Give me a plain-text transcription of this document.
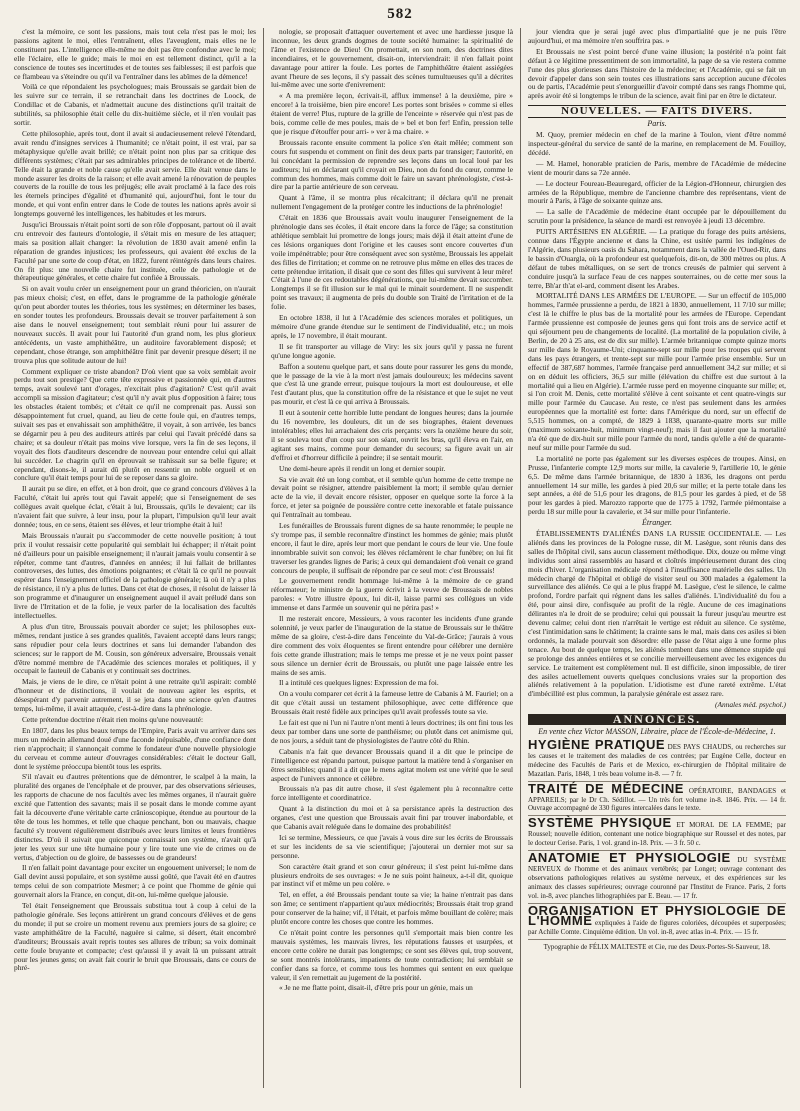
582

c'est la mémoire, ce sont les passions, mais tout cela n'est pas le moi; les passions agitent le moi, elles l'entraînent, elles l'aveuglent, mais elles ne le constituent pas. L'intelligence elle-même ne doit pas être confondue avec le moi; elle l'éclaire, elle le guide; mais le moi en est tellement distinct, qu'il a la conscience de toutes ses incertitudes et de toutes ses faiblesses; il est parfois que ce flambeau va s'éteindre ou qu'il va l'entraîner dans les abîmes de la démence!

Voilà ce que répondaient les psychologues; mais Broussais se gardait bien de les suivre sur ce terrain, il se retranchait dans les doctrines de Loock, de Condillac et de Cabanis, et n'admettait aucune des distinctions qu'il traitait de subtilités, sa philosophie était celle du dix-huitième siècle, et il n'en voulait pas sortir.

Cette philosophie, après tout, dont il avait si audacieusement relevé l'étendard, avait rendu d'insignes services à l'humanité; ce n'était point, il est vrai, par sa métaphysique qu'elle avait brillé; ce n'était point non plus par sa critique des différents systèmes; c'était par ses admirables principes de tolérance et de liberté. Telle était la grande et noble cause qu'elle avait servie. Elle était venue dans le monde assurer les droits de la raison; et elle avait amené la rénovation de peuples couverts de la rouille de tous les préjugés; elle avait proclamé à la face des rois les éternels principes d'égalité et d'humanité qui, aujourd'hui, font le tour du monde, et qui vont enfin entrer dans le Code de toutes les nations après avoir si longtemps gouverné les intelligences, les habitudes et les mœurs.

Jusqu'ici Broussais n'était point sorti de son rôle d'opposant, partout où il avait cru entrevoir des fauteurs d'ontologie, il s'était mis en mesure de les attaquer; mais sa position allait changer: la révolution de 1830 avait amené enfin la réparation de grandes injustices; les professeurs, qui avaient été exclus de la Faculté par une sorte de coup d'état, en 1822, furent réintégrés dans leurs chaires. On fit plus: une nouvelle chaire fut instituée, celle de pathologie et de thérapeutique générales, et cette chaire fut confiée à Broussais.

Si on avait voulu créer un enseignement pour un grand théoricien, on n'aurait pas mieux choisi; c'est, en effet, dans le programme de la pathologie générale qu'on peut aborder toutes les théories, tous les systèmes; en déterminer les bases, en sonder toutes les profondeurs. Broussais devait se trouver parfaitement à son aise dans le nouvel enseignement; tout semblait réuni pour lui assurer de nouveaux succès. Il avait pour lui l'autorité d'un grand nom, les plus glorieux antécédents, un vaste amphithéâtre, un auditoire favorablement disposé; et cependant, chose étrange, son amphithéâtre finit par devenir presque désert; il ne trouva plus que solitude autour de lui!

Comment expliquer ce triste abandon? D'où vient que sa voix semblait avoir perdu tout son prestige? Que cette tête expressive et passionnée qui, en d'autres temps, avait soulevé tant d'orages, n'excitait plus d'agitation? C'est qu'il avait accompli sa mission d'agitateur; c'est qu'il n'y avait plus d'opposition à faire; tous les obstacles étaient tombés; et c'était ce qu'il ne comprenait pas. Aussi son désappointement fut cruel, quand, au lieu de cette foule qui, en d'autres temps, suivait ses pas et envahissait son amphithéâtre, il voyait, à son arrivée, les bancs se dégarnir peu à peu des auditeurs attirés par celui qui l'avait précédé dans sa chaire; et sa douleur n'était pas moins vive lorsque, vers la fin de ses leçons, il voyait des flots d'auditeurs descendre de nouveau pour entendre celui qui allait lui succéder. Le chagrin qu'il en éprouvait se trahissait sur sa belle figure; et cependant, disons-le, il aurait dû plutôt en ressentir un noble orgueil et en conclure qu'il était temps pour lui de se reposer dans sa gloire.

Il aurait pu se dire, en effet, et à bon droit, que ce grand concours d'élèves à la Faculté, c'était lui après tout qui l'avait appelé; que si l'enseignement de ses collègues avait quelque éclat, c'était à lui, Broussais, qu'ils le devaient; car ils n'avaient fait que suivre, à leur insu, pour la plupart, l'impulsion qu'il leur avait donnée; tous, en ce sens, étaient ses élèves, et leur triomphe était à lui!

Mais Broussais n'aurait pu s'accommoder de cette nouvelle position; à tout prix il voulut ressaisir cette popularité qui semblait lui échapper; il n'était point né d'ailleurs pour un paisible enseignement; il n'aurait jamais voulu consentir à se répéter, comme tant d'autres, d'années en années; il lui fallait de brillantes controverses, des luttes, des émotions poignantes; et c'était là ce qu'il ne pouvait espérer dans l'enseignement officiel de la pathologie générale; là où il n'y a plus de résistance, il n'y a plus de luttes. Dans cet état de choses, il résolut de laisser là son programme et d'inaugurer un enseignement auquel il avait préludé dans son livre de l'Irritation et de la folie, je veux parler de la localisation des facultés intellectuelles.

A plus d'un titre, Broussais pouvait aborder ce sujet; les philosophes eux-mêmes, rendant justice à ses grandes qualités, l'avaient accepté dans leurs rangs; sans répudier pour cela leurs doctrines et sans lui demander l'abandon des sciences; sur le rapport de M. Cousin, son généreux adversaire, Broussais venait d'être nommé membre de l'Académie des sciences morales et politiques, il y occupait le fauteuil de Cabanis et y continuait ses doctrines.

Mais, je viens de le dire, ce n'était point à une retraite qu'il aspirait: comblé d'honneur et de distinctions, il voulait de nouveau agiter les esprits, et désespérant d'y parvenir autrement, il se jeta dans une science qu'en d'autres temps, lui-même, il avait attaquée, c'est-à-dire dans la phrénologie.

Cette prétendue doctrine n'était rien moins qu'une nouveauté:

En 1807, dans les plus beaux temps de l'Empire, Paris avait vu arriver dans ses murs un médecin allemand doué d'une faconde inépuisable, d'une confiance dont rien n'approchait; il s'annonçait comme le fondateur d'une nouvelle physiologie du cerveau et comme auteur d'ouvrages considérables: c'était le docteur Gall, dont le système préoccupa bientôt tous les esprits.

S'il n'avait eu d'autres prétentions que de démontrer, le scalpel à la main, la pluralité des organes de l'encéphale et de prouver, par des observations sérieuses, les rapports de chacune de nos facultés avec les mêmes organes, il n'aurait guère excité que l'attention des savants; mais il se posait dans le monde comme ayant fait la découverte d'une véritable carte crânioscopique, étendue au pourtour de la tête de tous les hommes, et telle que chaque penchant, bon ou mauvais, chaque faculté s'y trouvent régulièrement distribués avec leurs limites et leurs frontières distinctes. D'où il suivait que quiconque connaissait son système, n'avait qu'à jeter les yeux sur une tête humaine pour y lire toute une vie de crimes ou de vertus, d'abjection ou de gloire, de bassesses ou de grandeurs!

Il n'en fallait point davantage pour exciter un engouement universel; le nom de Gall devint aussi populaire, et son système aussi goûté, que l'avait été en d'autres temps celui de son compatriote Mesmer; à ce point que l'homme de génie qui gouvernait alors la France, en conçut, dit-on, lui-même quelque jalousie.

Tel était l'enseignement que Broussais substitua tout à coup à celui de la pathologie générale. Ses leçons attirèrent un grand concours d'élèves et de gens du monde; il put se croire un moment revenu aux premiers jours de sa gloire; ce vaste amphithéâtre de la Faculté, naguère si calme, si désert, était encombré d'auditeurs; Broussais avait repris toutes ses allures de tribun; sa voix dominait cette foule bruyante et compacte; c'est qu'aussi il y avait là un puissant attrait pour les jeunes gens; on avait fait courir le bruit que Broussais, dans ce cours de phré-

nologie, se proposait d'attaquer ouvertement et avec une hardiesse jusque là inconnue, les deux grands dogmes de toute société humaine: la spiritualité de l'âme et l'existence de Dieu! On promettait, en son nom, des doctrines dites incendiaires, et le gouvernement, disait-on, interviendrait: il n'en fallait point davantage pour attirer la foule. Les portes de l'amphithéâtre étaient assiégées avant l'heure de ses leçons, il s'y passait des scènes tumultueuses qu'il a décrites lui-même avec une sorte d'enivrement:

« A ma première leçon, écrivait-il, afflux immense! à la deuxième, pire » encore! à la troisième, bien pire encore! Les portes sont brisées » comme si elles étaient de verre! Plus, rupture de la grille de l'enceinte » réservée qui n'est pas de bois, comme celle de mes poules, mais de » bel et bon fer! Enfin, pression telle que je risque d'étouffer pour arri- » ver à ma chaire. »

Broussais raconte ensuite comment la police s'en était mêlée; comment son cours fut suspendu et comment on finit des deux parts par transiger; l'autorité, en lui concédant la permission de reprendre ses leçons dans un local loué par les auditeurs; lui en déclarant qu'il croyait en Dieu, non du fond du cœur, comme le commun des hommes, mais comme doit le faire un savant phrénologiste, c'est-à-dire par la partie antérieure de son cerveau.

Quant à l'âme, il se montra plus récalcitrant; il déclara qu'il ne prenait nullement l'engagement de la protéger contre les inductions de la phrénologie!

C'était en 1836 que Broussais avait voulu inaugurer l'enseignement de la phrénologie dans ses écoles, il était encore dans la force de l'âge; sa constitution athlétique semblait lui promettre de longs jours; mais déjà il était atteint d'une de ces lésions organiques dont l'origine et les causes sont encore couvertes d'un voile impénétrable; pour être conséquent avec son système, Broussais les appelait des filles de l'irritation; et comme on ne retrouve plus même en elles des traces de cette prétendue irritation, il disait que ce sont des filles qui survivent à leur mère! C'était à l'une de ces redoutables dégénérations, que lui-même devait succomber. Longtemps il se fit illusion sur le mal qui le minait sourdement. Il ne suspendit point ses travaux; il augmenta de près du double son Traité de l'irritation et de la folie.

En octobre 1838, il lut à l'Académie des sciences morales et politiques, un mémoire d'une grande étendue sur le sentiment de l'individualité, etc.; un mois après, le 17 novembre, il était mourant.

Il se fit transporter au village de Viry: les six jours qu'il y passa ne furent qu'une longue agonie.

Baffon a soutenu quelque part, et sans doute pour rassurer les gens du monde, que le passage de la vie à la mort n'est jamais douloureux; les médecins savent que c'est là une grande erreur, puisque toujours la mort est douloureuse, et elle l'est d'autant plus, que la constitution offre de la résistance et que le sujet ne veut pas mourir, et c'est là ce qui arriva à Broussais.

Il eut à soutenir cette horrible lutte pendant de longues heures; dans la journée du 16 novembre, les douleurs, dit un de ses biographes, étaient devenues intolérables; elles lui arrachaient des cris perçants: vers la onzième heure du soir, il se souleva tout d'un coup sur son séant, ouvrit les bras, qu'il éleva en l'air, en agitant ses mains, comme pour demander du secours; sa figure avait un air d'effroi et d'horreur difficile à peindre; il se sentait mourir.

Une demi-heure après il rendit un long et dernier soupir.

Sa vie avait été un long combat, et il semble qu'un homme de cette trempe ne devait point se résigner, attendre paisiblement la mort; il semble qu'au dernier acte de la vie, il devait encore résister, opposer en quelque sorte la force à la force, et jeter sa poignée de poussière contre cette inexorable et fatale puissance qui l'entraînait au tombeau.

Les funérailles de Broussais furent dignes de sa haute renommée; le peuple ne s'y trompe pas, il semble reconnaître d'instinct les hommes de génie; mais plutôt encore, il faut le dire, après leur mort que pendant le cours de leur vie. Une foule innombrable suivit son convoi; les élèves réclamèrent le char funèbre; on lui fit traverser les grandes lignes de Paris; à ceux qui demandaient d'où venait ce grand concours de peuple, il suffisait de répondre par ce seul mot: c'est Broussais!

Le gouvernement rendit hommage lui-même à la mémoire de ce grand réformateur; le ministre de la guerre écrivit à la veuve de Broussais de nobles paroles: « Votre illustre époux, lui dit-il, laisse parmi ses collègues un vide immense et dans l'armée un souvenir qui ne périra pas! »

Il me resterait encore, Messieurs, à vous raconter les incidents d'une grande solennité, je veux parler de l'inauguration de la statue de Broussais sur le théâtre même de sa gloire, c'est-à-dire dans l'enceinte du Val-de-Grâce; j'aurais à vous dire comment des voix éloquentes se firent entendre pour célébrer une dernière fois cette grande illustration; mais le temps me presse et je ne veux point passer sous silence un dernier écrit de Broussais, ou plutôt une page laissée entre les mains de ses amis.

Il a intitulé ces quelques lignes: Expression de ma foi.

On a voulu comparer cet écrit à la fameuse lettre de Cabanis à M. Fauriel; on a dit que c'était aussi un testament philosophique, avec cette différence que Broussais était resté fidèle aux principes qu'il avait professés toute sa vie.

Le fait est que ni l'un ni l'autre n'ont menti à leurs doctrines; ils ont fini tous les deux par tomber dans une sorte de panthéisme; ou plutôt dans cet animisme qui, de nos jours, a séduit tant de physiologistes de l'autre côté du Rhin.

Cabanis n'a fait que devancer Broussais quand il a dit que le principe de l'intelligence est répandu partout, puisque partout la matière tend à s'organiser en êtres sensibles; quand il a dit que le mens agitat molem est une vérité que le seul aspect de l'univers annonce et célèbre.

Broussais n'a pas dit autre chose, il s'est également plu à reconnaître cette force intelligente et coordinatrice.

Quant à la distinction du moi et à sa persistance après la destruction des organes, c'est une question que Broussais avait fini par trouver inabordable, et que Cabanis avait reléguée dans le domaine des probabilités!

Ici se termine, Messieurs, ce que j'avais à vous dire sur les écrits de Broussais et sur les incidents de sa vie scientifique; j'ajouterai un dernier mot sur sa personne.

Son caractère était grand et son cœur généreux; il s'est peint lui-même dans plusieurs endroits de ses ouvrages: « Je ne suis point haineux, a-t-il dit, quoique par instinct vif et même un peu colère. »

Tel, en effet, a été Broussais pendant toute sa vie; la haine n'entrait pas dans son âme; ce sentiment n'appartient qu'aux médiocrités; Broussais était trop grand pour conserver de la haine; vif, il l'était, et parfois même bouillant de colère; mais plutôt encore contre les choses que contre les hommes.

Ce n'était point contre les personnes qu'il s'emportait mais bien contre les mauvais systèmes, les mauvais livres, les réputations fausses et usurpées, et encore cette colère ne durait pas longtemps; ce sont ses élèves qui, trop souvent, se sont montrés intolérants, impatients de toute contradiction; lui semblait se confier dans sa force, et comme tous les hommes qui sentent en eux quelque valeur, il s'en remettait au jugement de la postérité.

« Je ne me flatte point, disait-il, d'être pris pour un génie, mais un

jour viendra que je serai jugé avec plus d'impartialité que je ne puis l'être aujourd'hui, et ma mémoire n'en souffrira pas. »

Et Broussais ne s'est point bercé d'une vaine illusion; la postérité n'a point fait défaut à ce légitime pressentiment de son immortalité, la page de sa vie restera comme l'une des plus glorieuses dans l'histoire de la médecine; et l'Académie, qui se fait un devoir d'appeler dans son sein toutes ces illustrations sans acception aucune d'écoles ou de partis, l'Académie peut s'enorgueillir d'avoir compté dans ses rangs l'homme qui, après avoir été si longtemps le tribun de la science, avait fini par en être le dictateur.

NOUVELLES. — FAITS DIVERS.
Paris.

M. Quoy, premier médecin en chef de la marine à Toulon, vient d'être nommé inspecteur-général du service de santé de la marine, en remplacement de M. Fouilloy, décédé.

— M. Hamel, honorable praticien de Paris, membre de l'Académie de médecine vient de mourir dans sa 72e année.

— Le docteur Foureau-Beauregard, officier de la Légion-d'Honneur, chirurgien des armées de la République, membre de l'ancienne chambre des représentans, vient de mourir à Paris, à l'âge de soixante quinze ans.

— La salle de l'Académie de médecine étant occupée par le dépouillement du scrutin pour la présidence, la séance de mardi est renvoyée à jeudi 13 décembre.

PUITS ARTÉSIENS EN ALGÉRIE. — La pratique du forage des puits artésiens, connue dans l'Égypte ancienne et dans la Chine, est usitée parmi les indigènes de l'Algérie, dans plusieurs oasis du Sahara, notamment dans la vallée de l'Oued-Rir, dans le bassin d'Ouargla, où la profondeur est quelquefois, dit-on, de 300 mètres ou plus. A défaut de tubes métalliques, on se sert de troncs creusés de palmier qui servent à conduire jusqu'à la surface l'eau de ces nappes souterraines, ou de cette mer sous la terre, Bh'ar th'at el-ard, comment disent les Arabes.

MORTALITÉ DANS LES ARMÉES DE L'EUROPE. — Sur un effectif de 105,000 hommes, l'armée prussienne a perdu, de 1821 à 1830, annuellement, 11 7/10 sur mille; c'est là le chiffre le plus bas de la mortalité pour les armées de l'Europe. Cependant l'armée prussienne est composée de jeunes gens qui font trois ans de service actif et qui séjournent peu de changements de localité. (La mortalité de la population civile, à Berlin, de 20 à 25 ans, est de dix sur mille). L'armée britannique compte quinze morts sur mille dans le Royaume-Uni; cinquante-sept sur mille pour les troupes qui servent dans les pays étrangers, et trente-sept sur mille pour l'armée prise ensemble. Sur un effectif de 387,687 hommes, l'armée française perd annuellement 34,2 sur mille; et si on en déduit les officiers, 36,5 sur mille (élévation du chiffre est due surtout à la mortalité qui a lieu en Algérie). L'armée russe perd en moyenne cinquante sur mille; et, si l'on croit M. Denis, cette mortalité s'élève à cent soixante et cent quatre-vingts sur mille pour l'armée du Caucase. Au reste, ce n'est pas seulement dans les armées européennes que la mortalité est forte: dans l'Amérique du nord, sur un effectif de 5,515 hommes, on a compté, de 1829 à 1838, quarante-quatre morts sur mille (maximum soixante-huit, minimum vingt-neuf); mais il faut ajouter que la mortalité n'a été que de dix-huit sur mille pour l'armée du nord, tandis qu'elle a été de quarante-neuf sur mille pour l'armée du sud.

La mortalité ne porte pas également sur les diverses espèces de troupes. Ainsi, en Prusse, l'infanterie compte 12,9 morts sur mille, la cavalerie 9, l'artillerie 10, le génie 6,5. De même dans l'armée britannique, de 1830 à 1836, les dragons ont perdu annuellement 14 sur mille, les gardes à pied 20,6 sur mille; et la perte totale dans les sept années, a été de 51,6 pour les dragons, de 81,5 pour les gardes à pied, et de 58 pour les gardes à pied. Marozzo rapporte que de 1775 à 1792, l'armée piémontaise a perdu 18 sur mille pour la cavalerie, et 34 sur mille pour l'infanterie.

Étranger.

ÉTABLISSEMENTS D'ALIÉNÉS DANS LA RUSSIE OCCIDENTALE. — Les aliénés dans les provinces de la Pologne russe, dit M. Lasègue, sont réunis dans des salles de l'hôpital civil, sans aucun classement méthodique. Dix, douze ou même vingt individus sont ainsi rassemblés au hasard et cloîtrés impérieusement durant des cinq mois d'hiver. L'organisation médicale répond à l'insuffisance matérielle des salles. Un médecin chargé de l'hôpital et obligé de visiter seul ou 300 malades a également la surveillance des aliénés. Ce qui a le plus frappé M. Lasègue, c'est le silence, le calme profond, l'ordre parfait qui régnent dans les salles d'aliénés. L'individualité du fou a été, pour ainsi dire, confisquée au profit de la règle. Aucune de ces imaginations délirantes n'a le droit de se produire; celui qui poussait la fureur jusqu'au meurtre est devenu calme; celui dont rien n'arrêtait le vertige est réduit au silence. Ce système, c'est l'intimidation sans le châtiment; la crainte sans le mal, mais dans ces asiles si bien ordonnés, la malade pourvait son désordre: elle passe de l'état aigu à une forme plus tenace. Au bout de quelque temps, les aliénés tombent dans une démence stupide qui se prolonge des années entières et se concilie merveilleusement avec les exigences du service. Le traitement est complètement nul. Il est difficile, sinon impossible, de tirer des asiles actuellement ouverts quelques conclusions vraies sur la proportion des aliénés relativement à la population. L'idiotisme est d'une rareté extrême. L'état d'imbécillité est plus commun, la paralysie générale est assez rare.

(Annales méd. psychol.)
ANNONCES.
En vente chez Victor MASSON, Libraire, place de l'École-de-Médecine, 1.
HYGIÈNE PRATIQUE DES PAYS CHAUDS, ou recherches sur les causes et le traitement des maladies de ces contrées; par Eugène Celle, docteur en médecine des Facultés de Paris et de Mexico, ex-chirurgien de l'hôpital militaire de Mazatlan. Paris, 1848, 1 très beau volume in-8. — 7 fr.
TRAITÉ DE MÉDECINE OPÉRATOIRE, BANDAGES et APPAREILS; par le Dr Ch. Sédillot. — Un très fort volume in-8. 1846. Prix. — 14 fr. Ouvrage accompagné de 330 figures intercalées dans le texte.
SYSTÈME PHYSIQUE ET MORAL DE LA FEMME; par Roussel; nouvelle édition, contenant une notice biographique sur Roussel et des notes, par le docteur Cerise. Paris, 1 vol. grand in-18. Prix. — 3 fr. 50 c.
ANATOMIE ET PHYSIOLOGIE DU SYSTÈME NERVEUX de l'homme et des animaux vertébrés; par Longet; ouvrage contenant des observations pathologiques relatives au système nerveux, et des expériences sur les animaux des classes supérieures; ouvrage couronné par l'Institut de France. Paris, 2 forts vol. in-8, avec planches lithographiées par E. Beau. — 17 fr.
ORGANISATION ET PHYSIOLOGIE DE L'HOMME expliquées à l'aide de figures coloriées, découpées et superposées; par Achille Comte. Cinquième édition. Un vol. in-8, avec atlas in-4. Prix. — 15 fr.
Typographie de FÉLIX MALTESTE et Cie, rue des Deux-Portes-St-Sauveur, 18.
